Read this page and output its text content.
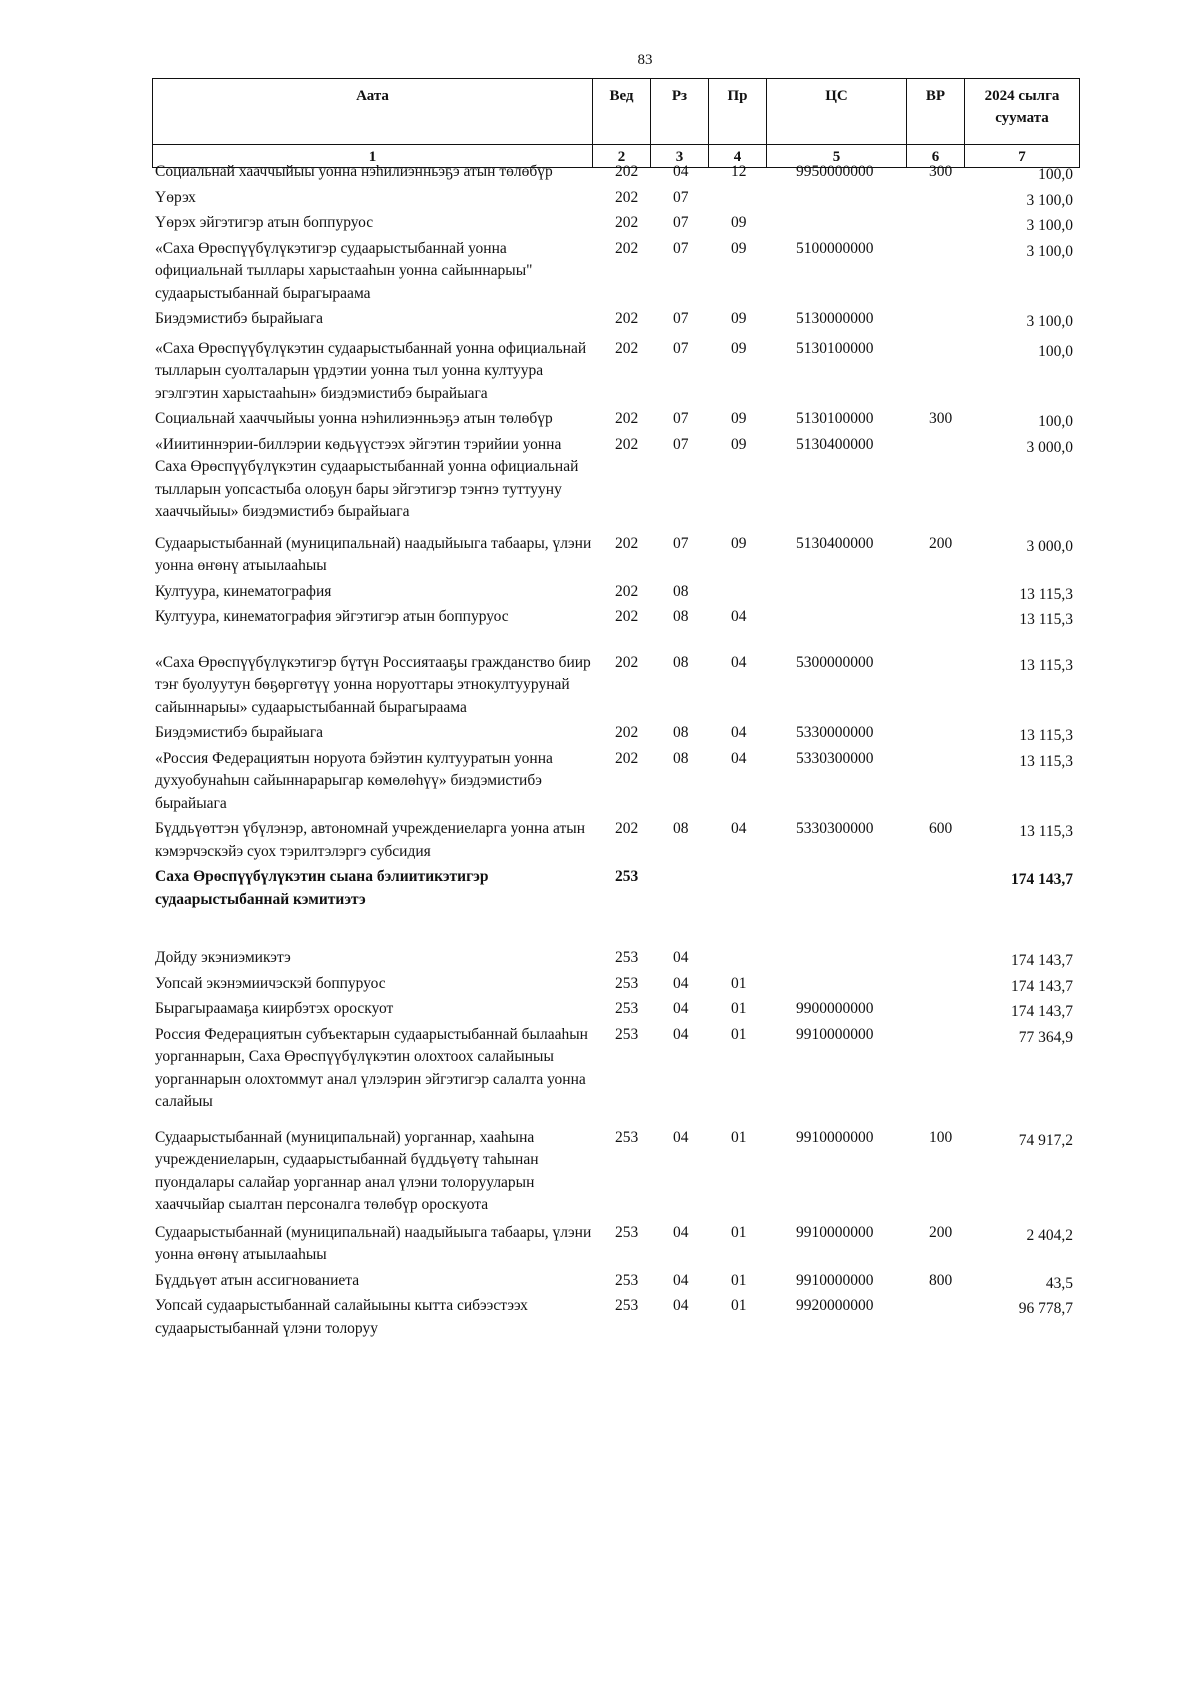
83
Аата	Вед	Рз	Пр	ЦС	ВР	2024 сылга суумата
1	2	3	4	5	6	7
Социальнай хааччыйыы уонна нэһилиэнньэҕэ атын төлөбүр	202	04	12	9950000000	300	100,0
Үөрэх	202	07				3 100,0
Үөрэх эйгэтигэр атын боппуруос	202	07	09			3 100,0
«Саха Өрөспүүбүлүкэтигэр судаарыстыбаннай уонна официальнай тыллары харыстааһын уонна сайыннарыы" судаарыстыбаннай бырагыраама	202	07	09	5100000000		3 100,0
Биэдэмистибэ бырайыага	202	07	09	5130000000		3 100,0
«Саха Өрөспүүбүлүкэтин судаарыстыбаннай уонна официальнай тылларын суолталарын үрдэтии уонна тыл уонна култуура эгэлгэтин харыстааһын» биэдэмистибэ бырайыага	202	07	09	5130100000		100,0
Социальнай хааччыйыы уонна нэһилиэнньэҕэ атын төлөбүр	202	07	09	5130100000	300	100,0
«Ииитиннэрии-биллэрии көдьүүстээх эйгэтин тэрийии уонна Саха Өрөспүүбүлүкэтин судаарыстыбаннай уонна официальнай тылларын уопсастыба олоҕун бары эйгэтигэр тэҥнэ туттууну хааччыйыы» биэдэмистибэ бырайыага	202	07	09	5130400000		3 000,0
Судаарыстыбаннай (муниципальнай) наадыйыыга табаары, үлэни уонна өҥөнү атыылааһыы	202	07	09	5130400000	200	3 000,0
Култуура, кинематография	202	08				13 115,3
Култуура, кинематография эйгэтигэр атын боппуруос	202	08	04			13 115,3
«Саха Өрөспүүбүлүкэтигэр бүтүн Россиятааҕы гражданство биир тэҥ буолуутун бөҕөргөтүү уонна норуоттары этнокултуурунай сайыннарыы» судаарыстыбаннай бырагыраама	202	08	04	5300000000		13 115,3
Биэдэмистибэ бырайыага	202	08	04	5330000000		13 115,3
«Россия Федерациятын норуота бэйэтин култууратын уонна духуобунаһын сайыннарарыгар көмөлөһүү» биэдэмистибэ бырайыага	202	08	04	5330300000		13 115,3
Бүддьүөттэн үбүлэнэр, автономнай учреждениеларга уонна атын кэмэрчэскэйэ суох тэрилтэлэргэ субсидия	202	08	04	5330300000	600	13 115,3
Саха Өрөспүүбүлүкэтин сыана бэлиитикэтигэр судаарыстыбаннай кэмитиэтэ	253					174 143,7
Дойду экэниэмикэтэ	253	04				174 143,7
Уопсай экэнэмиичэскэй боппуруос	253	04	01			174 143,7
Бырагыраамаҕа киирбэтэх ороскуот	253	04	01	9900000000		174 143,7
Россия Федерациятын субъектарын судаарыстыбаннай былааһын уорганнарын, Саха Өрөспүүбүлүкэтин олохтоох салайыныы уорганнарын олохтоммут анал үлэлэрин эйгэтигэр салалта уонна салайыы	253	04	01	9910000000		77 364,9
Судаарыстыбаннай (муниципальнай) уорганнар, хааһына учреждениеларын, судаарыстыбаннай бүддьүөтү таһынан пуондалары салайар уорганнар анал үлэни толорууларын хааччыйар сыалтан персоналга төлөбүр ороскуота	253	04	01	9910000000	100	74 917,2
Судаарыстыбаннай (муниципальнай) наадыйыыга табаары, үлэни уонна өҥөнү атыылааһыы	253	04	01	9910000000	200	2 404,2
Бүддьүөт атын ассигнованиета	253	04	01	9910000000	800	43,5
Уопсай судаарыстыбаннай салайыыны кытта сибээстээх судаарыстыбаннай үлэни толоруу	253	04	01	9920000000		96 778,7
